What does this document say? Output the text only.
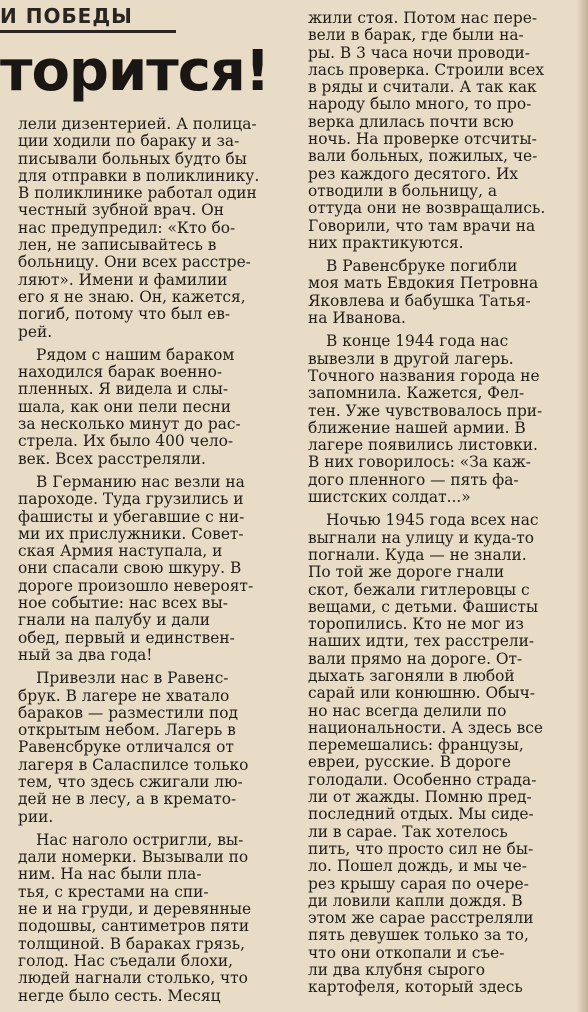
И ПОБЕДЫ
торится!
лели дизентерией. А полица-
ции ходили по бараку и за-
писывали больных будто бы
для отправки в поликлинику.
В поликлинике работал один
честный зубной врач. Он
нас предупредил: «Кто бо-
лен, не записывайтесь в
больницу. Они всех расстре-
ляют». Имени и фамилии
его я не знаю. Он, кажется,
погиб, потому что был ев-
рей.
Рядом с нашим бараком
находился барак военно-
пленных. Я видела и слы-
шала, как они пели песни
за несколько минут до рас-
стрела. Их было 400 чело-
век. Всех расстреляли.
В Германию нас везли на
пароходе. Туда грузились и
фашисты и убегавшие с ни-
ми их прислужники. Совет-
ская Армия наступала, и
они спасали свою шкуру. В
дороге произошло невероят-
ное событие: нас всех вы-
гнали на палубу и дали
обед, первый и единствен-
ный за два года!
Привезли нас в Равенс-
брук. В лагере не хватало
бараков — разместили под
открытым небом. Лагерь в
Равенсбруке отличался от
лагеря в Саласпилсе только
тем, что здесь сжигали лю-
дей не в лесу, а в кремато-
рии.
Нас наголо остригли, вы-
дали номерки. Вызывали по
ним. На нас были пла-
тья, с крестами на спи-
не и на груди, и деревянные
подошвы, сантиметров пяти
толщиной. В бараках грязь,
голод. Нас съедали блохи,
людей нагнали столько, что
негде было сесть. Месяц
жили стоя. Потом нас пере-
вели в барак, где были на-
ры. В 3 часа ночи проводи-
лась проверка. Строили всех
в ряды и считали. А так как
народу было много, то про-
верка длилась почти всю
ночь. На проверке отсчиты-
вали больных, пожилых, че-
рез каждого десятого. Их
отводили в больницу, а
оттуда они не возвращались.
Говорили, что там врачи на
них практикуются.
В Равенсбруке погибли
моя мать Евдокия Петровна
Яковлева и бабушка Татья-
на Иванова.
В конце 1944 года нас
вывезли в другой лагерь.
Точного названия города не
запомнила. Кажется, Фел-
тен. Уже чувствовалось при-
ближение нашей армии. В
лагере появились листовки.
В них говорилось: «За каж-
дого пленного — пять фа-
шистских солдат...»
Ночью 1945 года всех нас
выгнали на улицу и куда-то
погнали. Куда — не знали.
По той же дороге гнали
скот, бежали гитлеровцы с
вещами, с детьми. Фашисты
торопились. Кто не мог из
наших идти, тех расстрели-
вали прямо на дороге. От-
дыхать загоняли в любой
сарай или конюшню. Обыч-
но нас всегда делили по
национальности. А здесь все
перемешались: французы,
евреи, русские. В дороге
голодали. Особенно страда-
ли от жажды. Помню пред-
последний отдых. Мы сиде-
ли в сарае. Так хотелось
пить, что просто сил не бы-
ло. Пошел дождь, и мы че-
рез крышу сарая по очере-
ди ловили капли дождя. В
этом же сарае расстреляли
пять девушек только за то,
что они откопали и съе-
ли два клубня сырого
картофеля, который здесь
